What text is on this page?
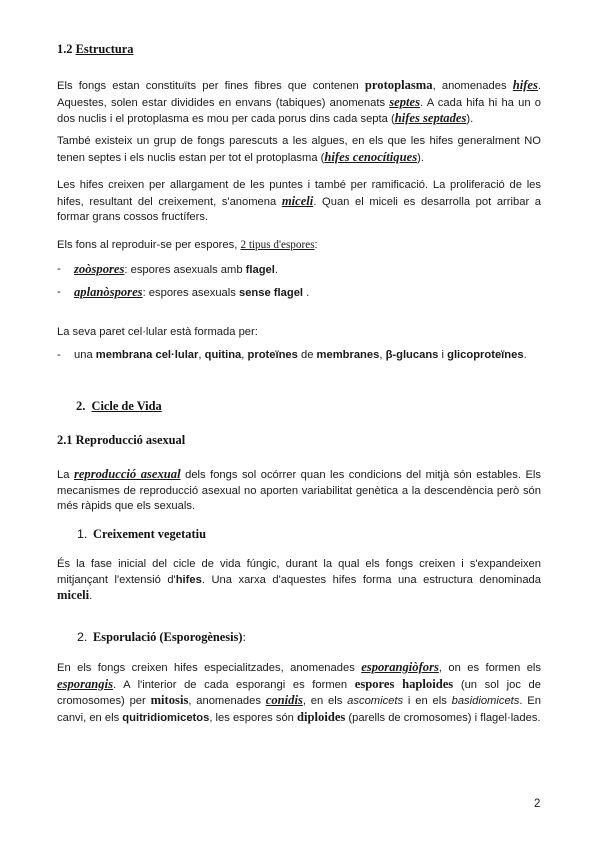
1.2 Estructura

Els fongs estan constituïts per fines fibres que contenen protoplasma, anomenades hifes. Aquestes, solen estar dividides en envans (tabiques) anomenats septes. A cada hifa hi ha un o dos nuclis i el protoplasma es mou per cada porus dins cada septa (hifes septades).

També existeix un grup de fongs parescuts a les algues, en els que les hifes generalment NO tenen septes i els nuclis estan per tot el protoplasma (hifes cenocítiques).

Les hifes creixen per allargament de les puntes i també per ramificació. La proliferació de les hifes, resultant del creixement, s'anomena miceli. Quan el miceli es desarrolla pot arribar a formar grans cossos fructífers.

Els fons al reproduir-se per espores, 2 tipus d'espores:

- zoòspores: espores asexuals amb flagel.
- aplanòspores: espores asexuals sense flagel .

La seva paret cel·lular està formada per:

- una membrana cel·lular, quitina, proteïnes de membranes, β-glucans i glicoproteïnes.
2. Cicle de Vida
2.1 Reproducció asexual

La reproducció asexual dels fongs sol ocórrer quan les condicions del mitjà són estables. Els mecanismes de reproducció asexual no aporten variabilitat genètica a la descendència però són més ràpids que els sexuals.

1. Creixement vegetatiu

És la fase inicial del cicle de vida fúngic, durant la qual els fongs creixen i s'expandeixen mitjançant l'extensió d'hifes. Una xarxa d'aquestes hifes forma una estructura denominada miceli.

2. Esporulació (Esporogènesis):

En els fongs creixen hifes especialitzades, anomenades esporangiòfors, on es formen els esporangis. A l'interior de cada esporangi es formen espores haploides (un sol joc de cromosomes) per mitosis, anomenades conidis, en els ascomicets i en els basidiomicets. En canvi, en els quitridiomicetos, les espores són diploides (parells de cromosomes) i flagel·lades.

2
